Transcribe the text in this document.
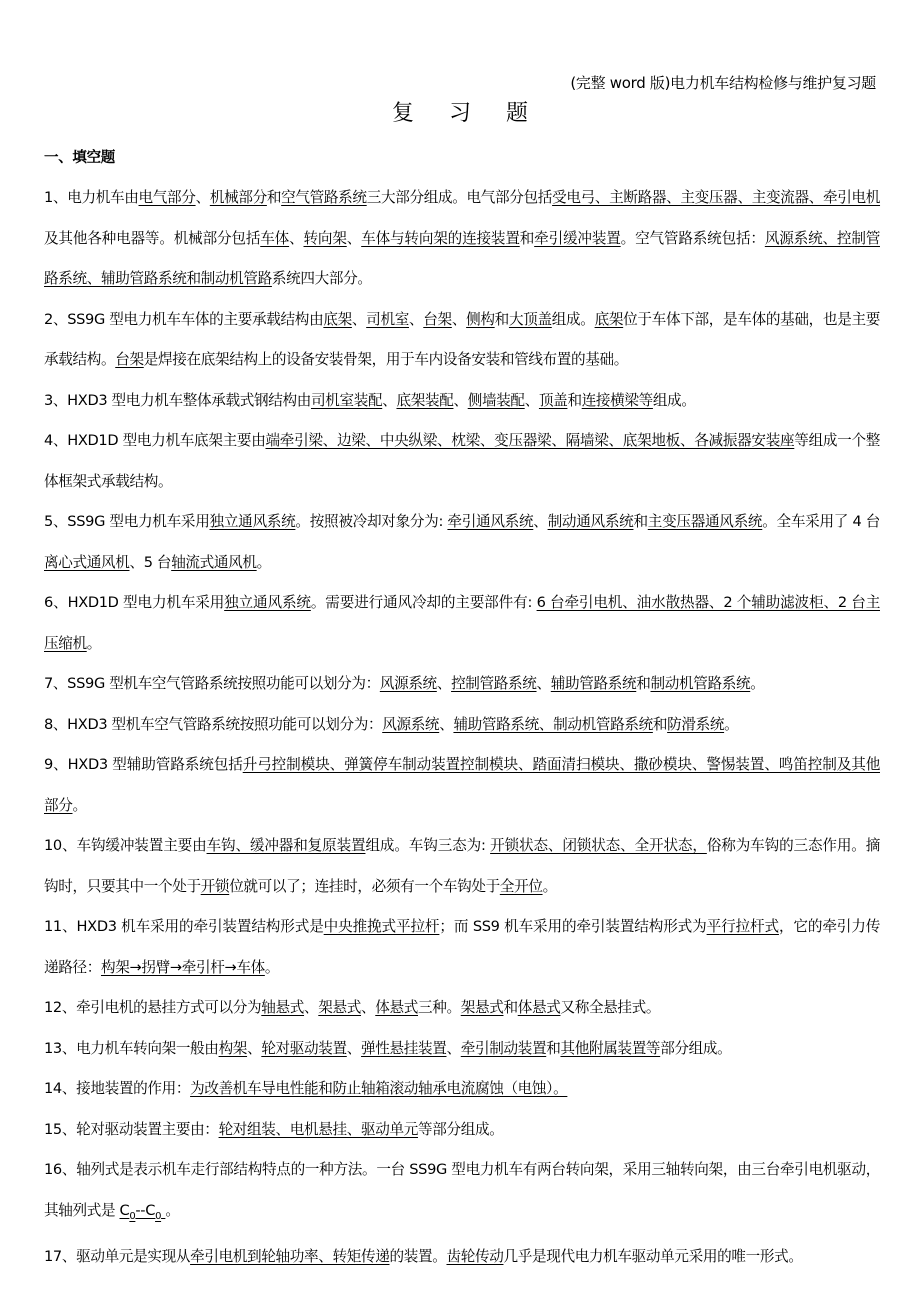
(完整 word 版)电力机车结构检修与维护复习题
复 习 题
一、填空题

1、电力机车由电气部分、机械部分和空气管路系统三大部分组成。电气部分包括受电弓、主断路器、主变压器、主变流器、牵引电机及其他各种电器等。机械部分包括车体、转向架、车体与转向架的连接装置和牵引缓冲装置。空气管路系统包括：风源系统、控制管路系统、辅助管路系统和制动机管路系统四大部分。

2、SS9G 型电力机车车体的主要承载结构由底架、司机室、台架、侧构和大顶盖组成。底架位于车体下部，是车体的基础，也是主要承载结构。台架是焊接在底架结构上的设备安装骨架，用于车内设备安装和管线布置的基础。

3、HXD3 型电力机车整体承载式钢结构由司机室装配、底架装配、侧墙装配、顶盖和连接横梁等组成。

4、HXD1D 型电力机车底架主要由端牵引梁、边梁、中央纵梁、枕梁、变压器梁、隔墙梁、底架地板、各减振器安装座等组成一个整体框架式承载结构。

5、SS9G 型电力机车采用独立通风系统。按照被冷却对象分为: 牵引通风系统、制动通风系统和主变压器通风系统。全车采用了 4 台离心式通风机、5 台轴流式通风机。

6、HXD1D 型电力机车采用独立通风系统。需要进行通风冷却的主要部件有: 6 台牵引电机、油水散热器、2 个辅助滤波柜、2 台主压缩机。

7、SS9G 型机车空气管路系统按照功能可以划分为：风源系统、控制管路系统、辅助管路系统和制动机管路系统。

8、HXD3 型机车空气管路系统按照功能可以划分为：风源系统、辅助管路系统、制动机管路系统和防滑系统。

9、HXD3 型辅助管路系统包括升弓控制模块、弹簧停车制动装置控制模块、踏面清扫模块、撒砂模块、警惕装置、鸣笛控制及其他部分。

10、车钩缓冲装置主要由车钩、缓冲器和复原装置组成。车钩三态为: 开锁状态、闭锁状态、全开状态，俗称为车钩的三态作用。摘钩时，只要其中一个处于开锁位就可以了；连挂时，必须有一个车钩处于全开位。

11、HXD3 机车采用的牵引装置结构形式是中央推挽式平拉杆；而 SS9 机车采用的牵引装置结构形式为平行拉杆式，它的牵引力传递路径：构架→拐臂→牵引杆→车体。

12、牵引电机的悬挂方式可以分为轴悬式、架悬式、体悬式三种。架悬式和体悬式又称全悬挂式。

13、电力机车转向架一般由构架、轮对驱动装置、弹性悬挂装置、牵引制动装置和其他附属装置等部分组成。

14、接地装置的作用：为改善机车导电性能和防止轴箱滚动轴承电流腐蚀（电蚀）。

15、轮对驱动装置主要由：轮对组装、电机悬挂、驱动单元等部分组成。

16、轴列式是表示机车走行部结构特点的一种方法。一台 SS9G 型电力机车有两台转向架，采用三轴转向架，由三台牵引电机驱动，其轴列式是 $C_0--C_0$ 。

17、驱动单元是实现从牵引电机到轮轴功率、转矩传递的装置。齿轮传动几乎是现代电力机车驱动单元采用的唯一形式。
